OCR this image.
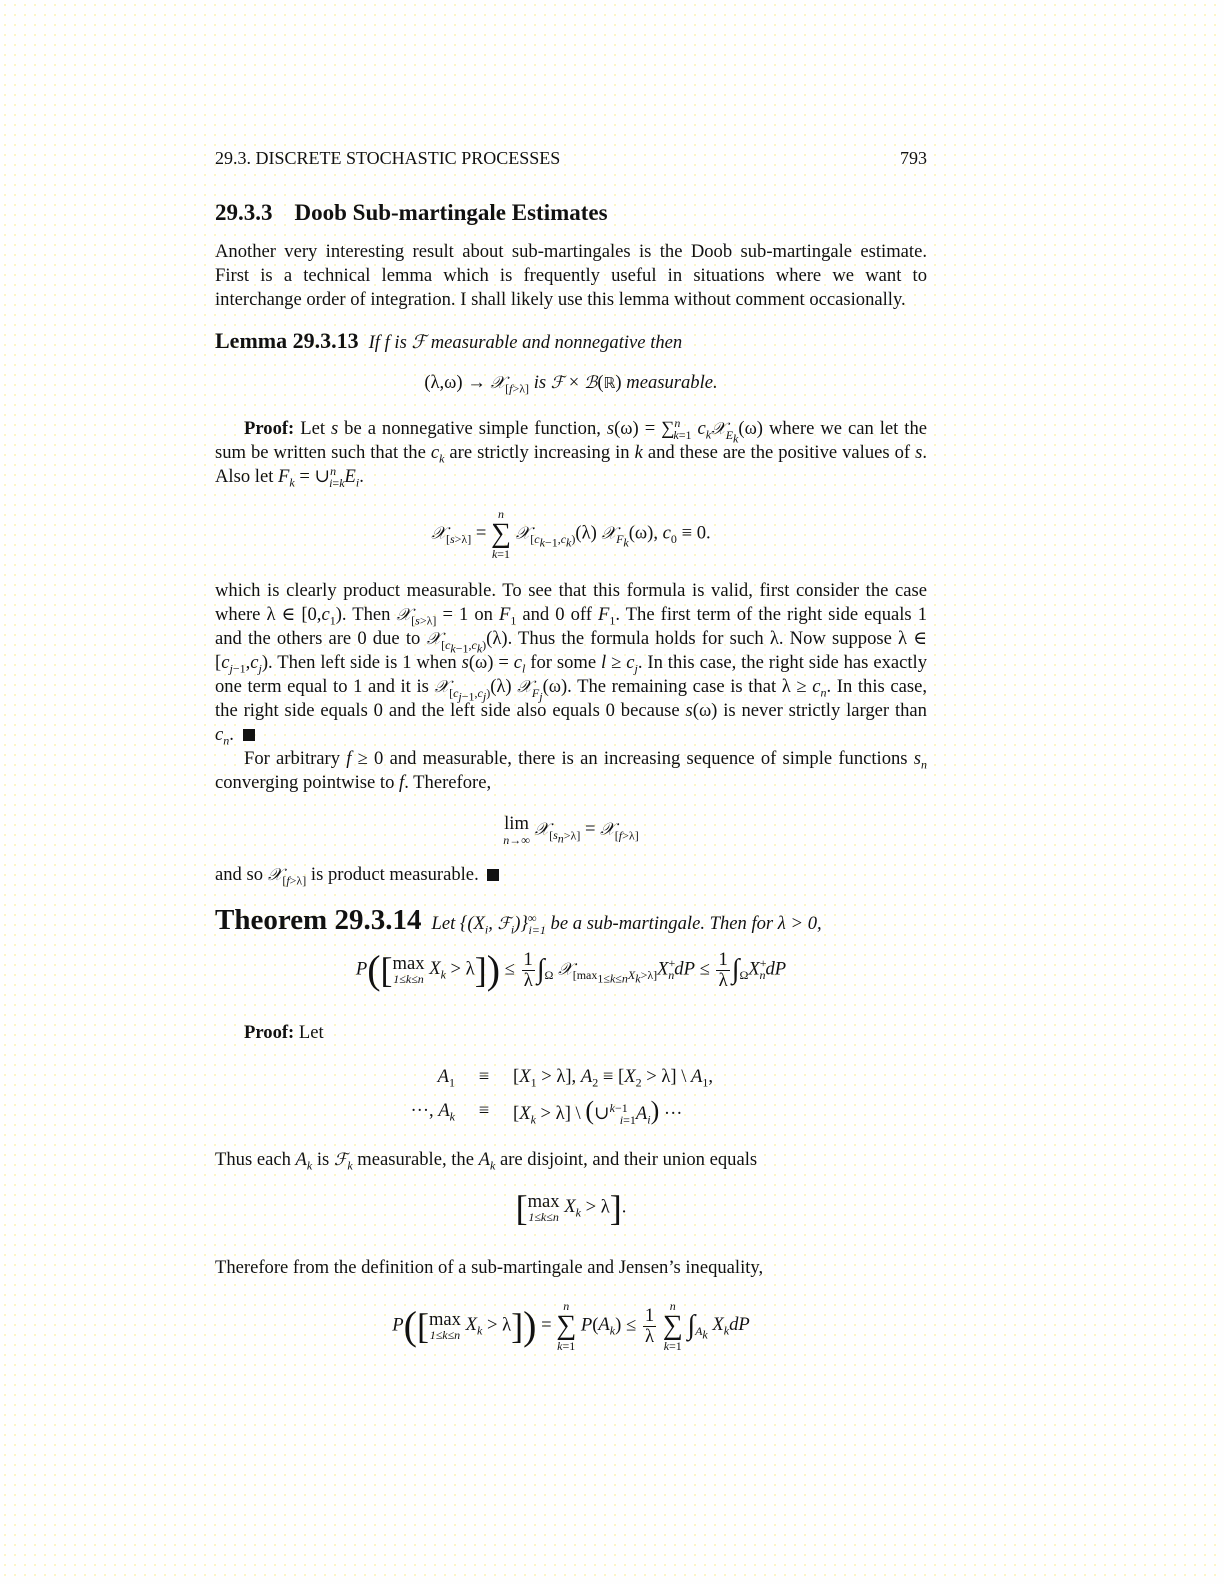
29.3. DISCRETE STOCHASTIC PROCESSES	793
29.3.3 Doob Sub-martingale Estimates

Another very interesting result about sub-martingales is the Doob sub-martingale estimate. First is a technical lemma which is frequently useful in situations where we want to interchange order of integration. I shall likely use this lemma without comment occasionally.

Lemma 29.3.13 If f is ℱ measurable and nonnegative then
(λ,ω) → 𝒳$_{[f>\lambda]}$ is ℱ × ℬ(ℝ) measurable.

Proof: Let s be a nonnegative simple function, s(ω) = ∑$^n_{k=1}$ $c_k𝒳_{E_k}(\omega)$ where we can let the sum be written such that the $c_k$ are strictly increasing in k and these are the positive values of s. Also let $F_k$ = $\cup^n_{i=k}E_i$.

𝒳$_{[s>\lambda]}$ =
n
∑
k=1
𝒳$_{[c_{k-1},c_k)}$(λ) 𝒳$_{F_k}$(ω), $c_0 \equiv 0$.

which is clearly product measurable. To see that this formula is valid, first consider the case where λ ∈ $[0,c_1)$. Then 𝒳$_{[s>\lambda]}$ = 1 on $F_1$ and 0 off $F_1$. The first term of the right side equals 1 and the others are 0 due to 𝒳$_{[c_{k-1},c_k)}$(λ). Thus the formula holds for such λ. Now suppose λ ∈ $[c_{j-1},c_j)$. Then left side is 1 when $s(\omega) = c_l$ for some $l \ge c_j$. In this case, the right side has exactly one term equal to 1 and it is 𝒳$_{[c_{j-1},c_j)}$(λ) 𝒳$_{F_j}$(ω). The remaining case is that $\lambda \ge c_n$. In this case, the right side equals 0 and the left side also equals 0 because s(ω) is never strictly larger than $c_n$.

For arbitrary f ≥ 0 and measurable, there is an increasing sequence of simple functions $s_n$ converging pointwise to f. Therefore,

lim
n→∞
𝒳$_{[s_n>\lambda]}$ = 𝒳$_{[f>\lambda]}$

and so 𝒳$_{[f>\lambda]}$ is product measurable.

Theorem 29.3.14 Let {($X_i$, $ℱ_i)\}^\infty_{i=1}$ be a sub-martingale. Then for λ > 0,
P([ max
1≤k≤n
$X_k > \lambda]) \le \frac{1}{\lambda} \int_\Omega$ $𝒳_{[max_{1\le k\le n}X_k>\lambda]}X^+_ndP \le \frac{1}{\lambda} \int_\Omega X^+_ndP$

Proof: Let

$A_1$	≡	$[X_1 > \lambda]$, $A_2 \equiv [X_2 > \lambda]$ \ $A_1$,
···, $A_k$	≡	$[X_k > \lambda]$ \ $(\cup^{k-1}_{i=1}A_i)$ ···

Thus each $A_k$ is ℱ$_k$ measurable, the $A_k$ are disjoint, and their union equals

[ max
1≤k≤n
$X_k > \lambda$].

Therefore from the definition of a sub-martingale and Jensen’s inequality,

P([ max
1≤k≤n
$X_k > \lambda$]) =
n
∑
k=1
$P(A_k) \le \frac{1}{\lambda}$
n
∑
k=1
$\int_{A_k}$ $X_kdP$
